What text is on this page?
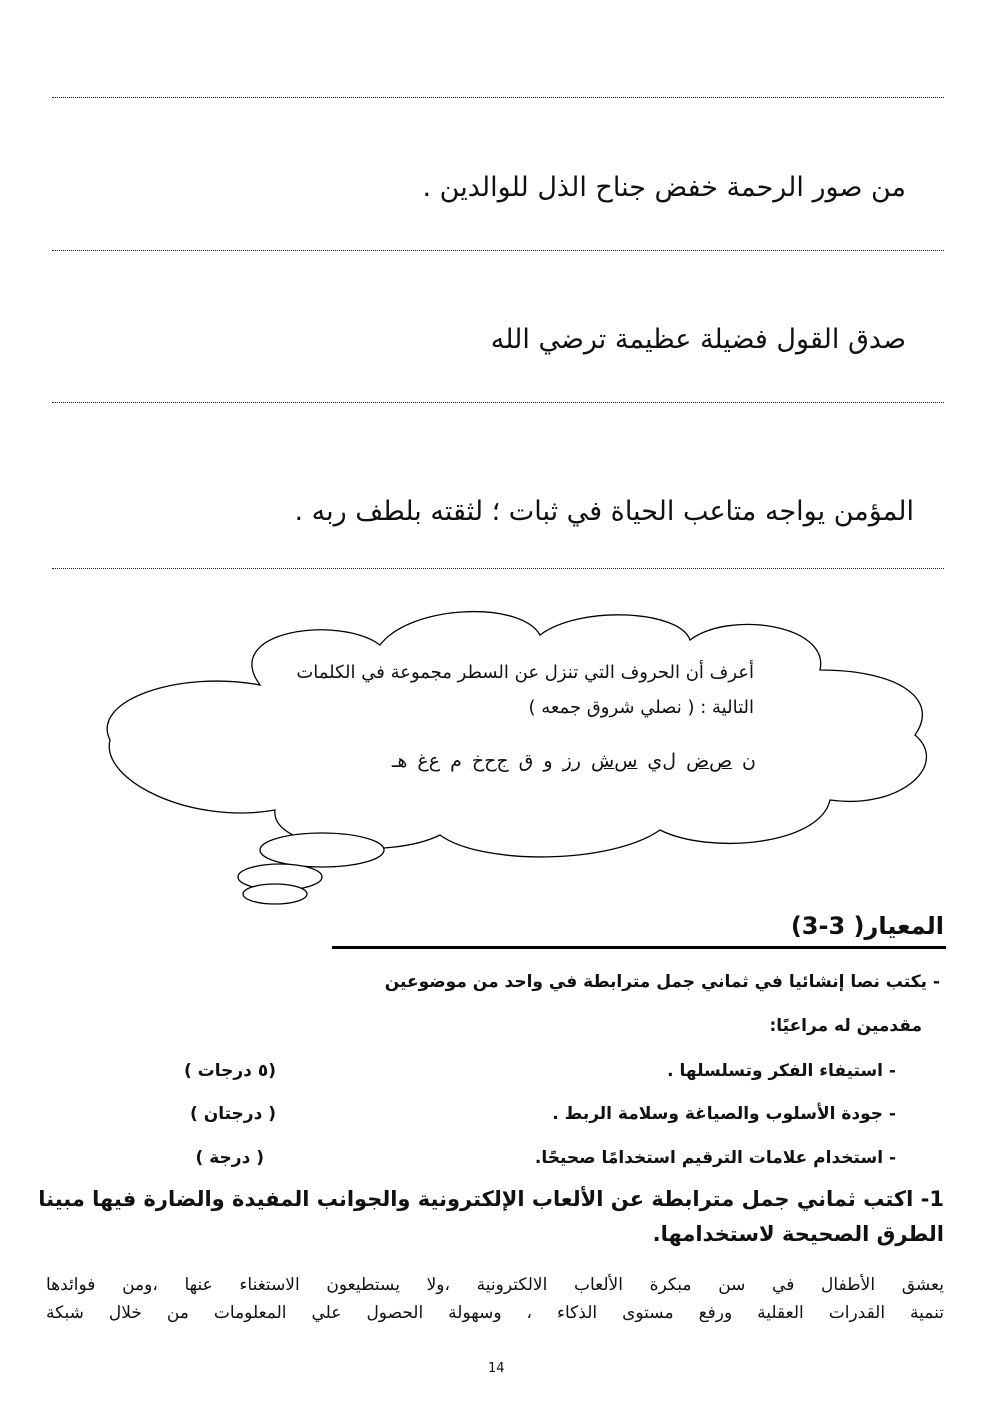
من صور الرحمة خفض جناح الذل للوالدين .
صدق القول فضيلة عظيمة ترضي الله
المؤمن يواجه متاعب الحياة في ثبات ؛ لثقته بلطف ربه .
أعرف أن الحروف التي تنزل عن السطر مجموعة في الكلمات
التالية : ( نصلي شروق جمعه )
نصضليسشرزوقجحخمعغهـ
المعيار( 3-3)
- يكتب نصا إنشائيا في ثماني جمل مترابطة في واحد من موضوعين
مقدمين له مراعيًا:
- استيفاء الفكر وتسلسلها .
(٥ درجات )
- جودة الأسلوب والصياغة وسلامة الربط .
( درجتان )
- استخدام علامات الترقيم استخدامًا صحيحًا.
( درجة )
1- اكتب ثماني جمل مترابطة عن الألعاب الإلكترونية والجوانب المفيدة والضارة فيها مبينا
الطرق الصحيحة لاستخدامها.
يعشق الأطفال في سن مبكرة الألعاب الالكترونية ،ولا يستطيعون الاستغناء عنها ،ومن فوائدها
تنمية القدرات العقلية ورفع مستوى الذكاء ، وسهولة الحصول علي المعلومات من خلال شبكة
14
